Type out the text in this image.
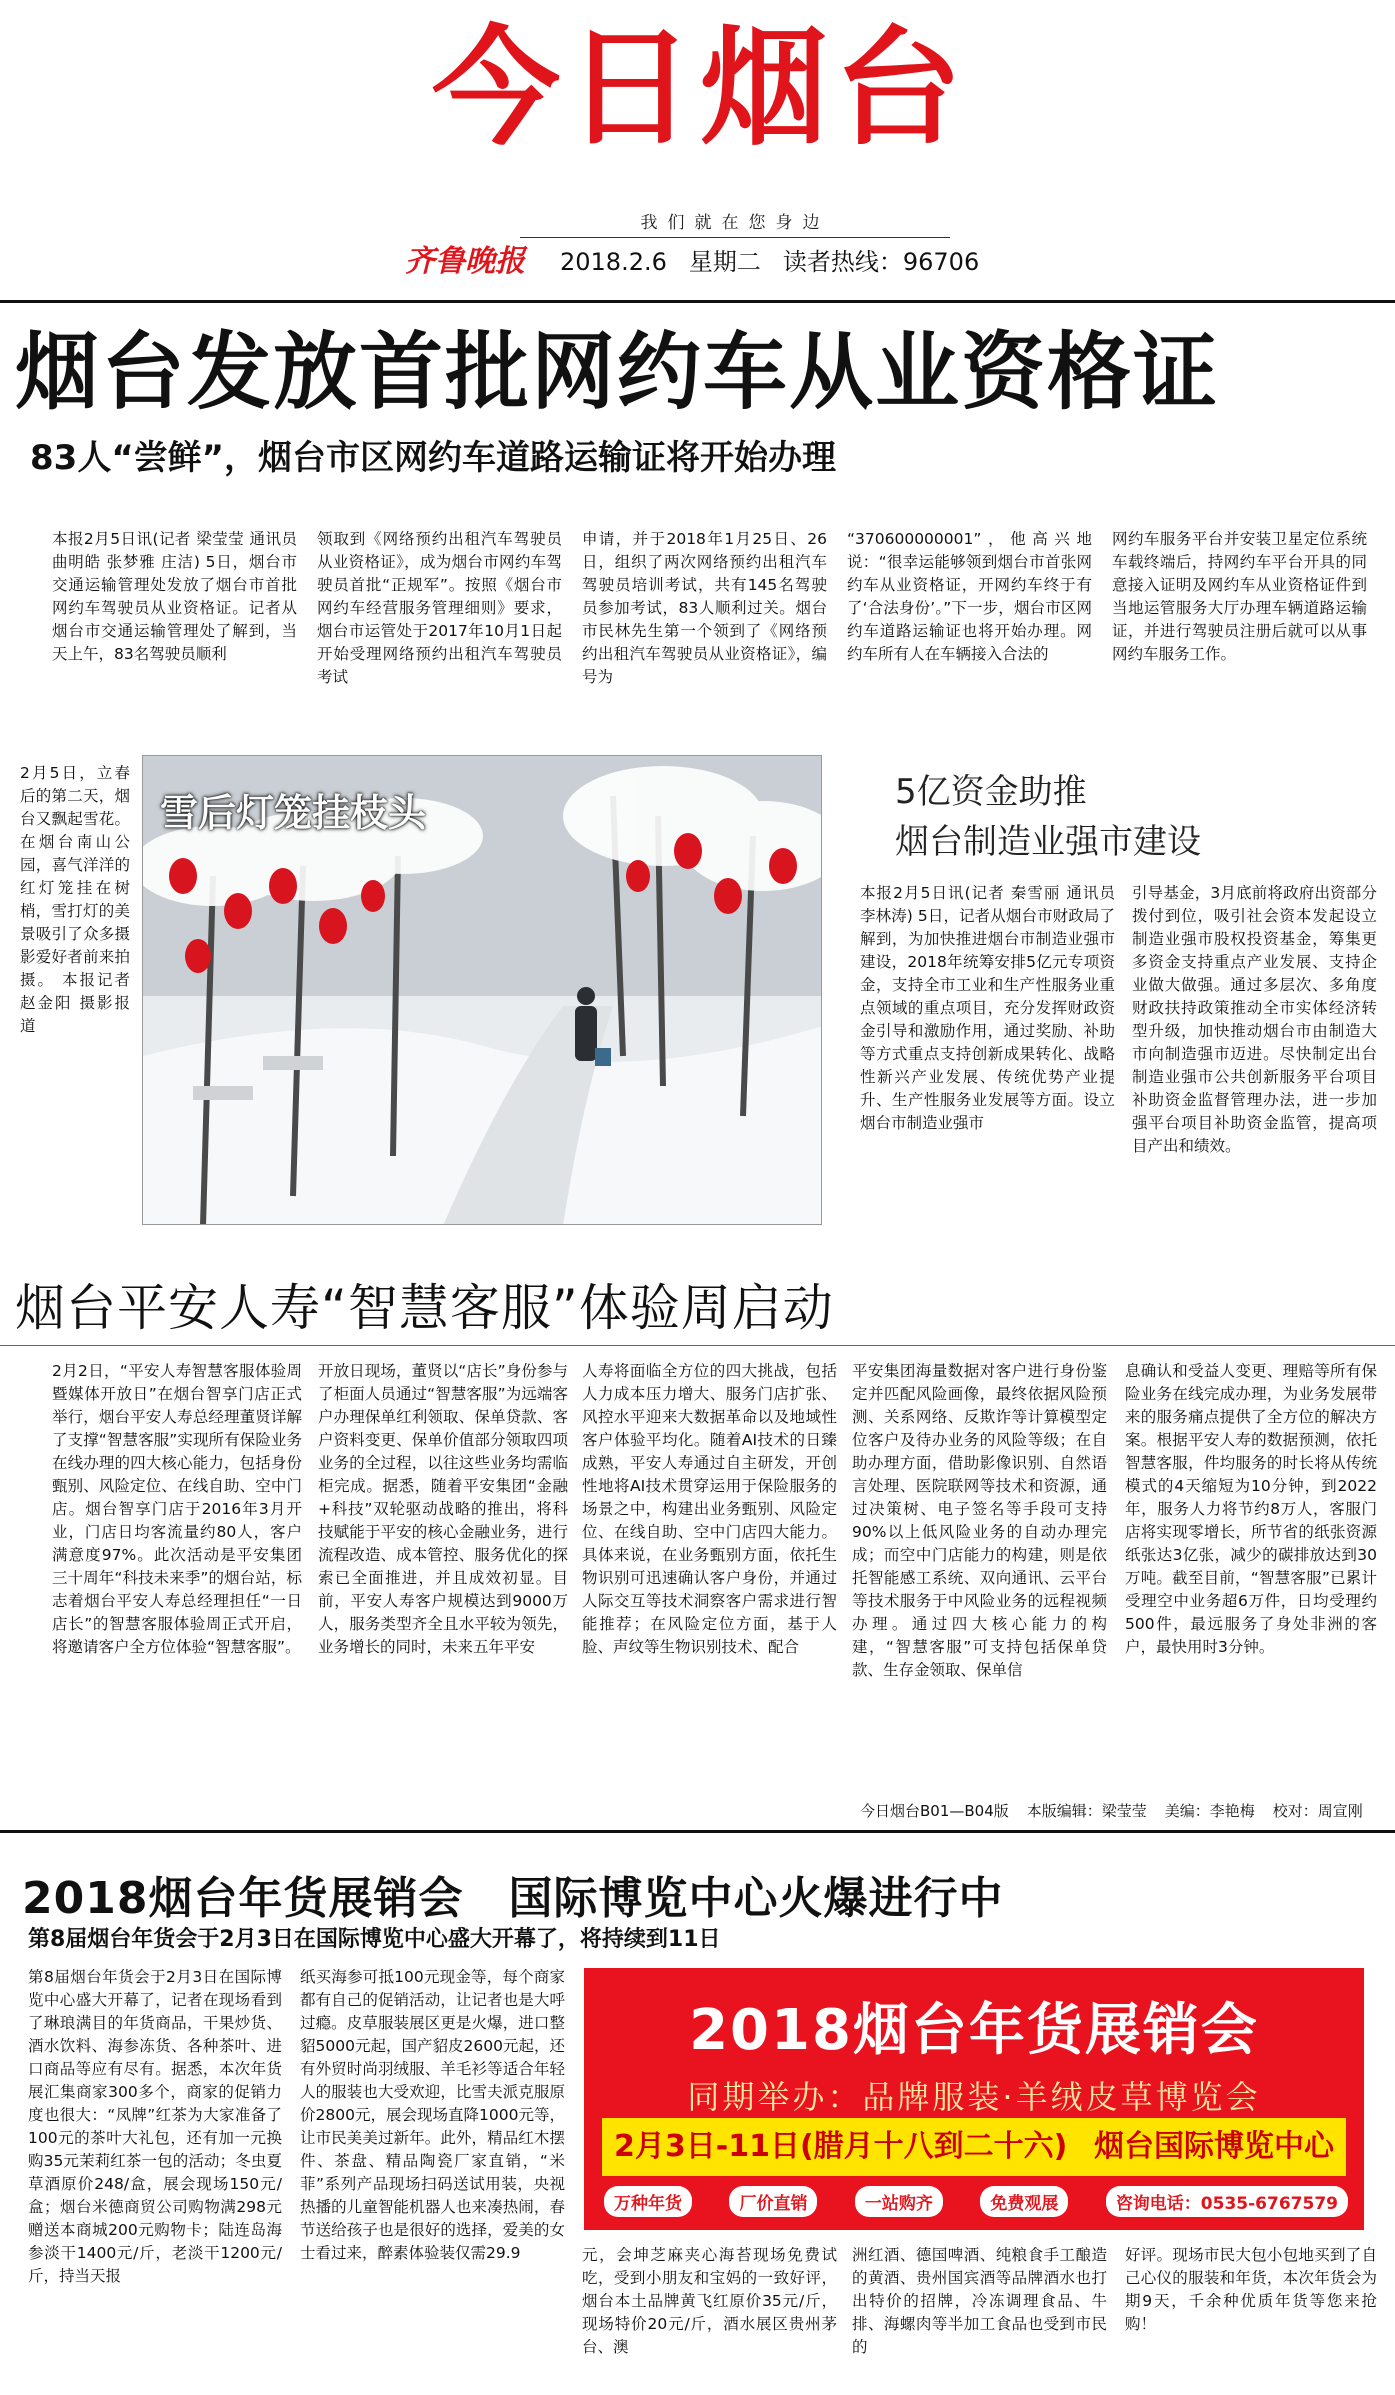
今日烟台
我们就在您身边
齐鲁晚报 2018.2.6 星期二 读者热线：96706
烟台发放首批网约车从业资格证
83人“尝鲜”，烟台市区网约车道路运输证将开始办理
本报2月5日讯(记者 梁莹莹 通讯员 曲明皓 张梦雅 庄洁) 5日，烟台市交通运输管理处发放了烟台市首批网约车驾驶员从业资格证。记者从烟台市交通运输管理处了解到，当天上午，83名驾驶员顺利
领取到《网络预约出租汽车驾驶员从业资格证》，成为烟台市网约车驾驶员首批“正规军”。按照《烟台市网约车经营服务管理细则》要求，烟台市运管处于2017年10月1日起开始受理网络预约出租汽车驾驶员考试
申请，并于2018年1月25日、26日，组织了两次网络预约出租汽车驾驶员培训考试，共有145名驾驶员参加考试，83人顺利过关。烟台市民林先生第一个领到了《网络预约出租汽车驾驶员从业资格证》，编号为
“370600000001”，他高兴地说：“很幸运能够领到烟台市首张网约车从业资格证，开网约车终于有了‘合法身份’。”下一步，烟台市区网约车道路运输证也将开始办理。网约车所有人在车辆接入合法的
网约车服务平台并安装卫星定位系统车载终端后，持网约车平台开具的同意接入证明及网约车从业资格证件到当地运管服务大厅办理车辆道路运输证，并进行驾驶员注册后就可以从事网约车服务工作。
2月5日，立春后的第二天，烟台又飘起雪花。在烟台南山公园，喜气洋洋的红灯笼挂在树梢，雪打灯的美景吸引了众多摄影爱好者前来拍摄。 本报记者 赵金阳 摄影报道
雪后灯笼挂枝头	5亿资金助推
烟台制造业强市建设
本报2月5日讯(记者 秦雪丽 通讯员 李林涛) 5日，记者从烟台市财政局了解到，为加快推进烟台市制造业强市建设，2018年统筹安排5亿元专项资金，支持全市工业和生产性服务业重点领域的重点项目，充分发挥财政资金引导和激励作用，通过奖励、补助等方式重点支持创新成果转化、战略性新兴产业发展、传统优势产业提升、生产性服务业发展等方面。设立烟台市制造业强市
引导基金，3月底前将政府出资部分拨付到位，吸引社会资本发起设立制造业强市股权投资基金，筹集更多资金支持重点产业发展、支持企业做大做强。通过多层次、多角度财政扶持政策推动全市实体经济转型升级，加快推动烟台市由制造大市向制造强市迈进。尽快制定出台制造业强市公共创新服务平台项目补助资金监督管理办法，进一步加强平台项目补助资金监管，提高项目产出和绩效。
烟台平安人寿“智慧客服”体验周启动
2月2日，“平安人寿智慧客服体验周暨媒体开放日”在烟台智享门店正式举行，烟台平安人寿总经理董贤详解了支撑“智慧客服”实现所有保险业务在线办理的四大核心能力，包括身份甄别、风险定位、在线自助、空中门店。烟台智享门店于2016年3月开业，门店日均客流量约80人，客户满意度97%。此次活动是平安集团三十周年“科技未来季”的烟台站，标志着烟台平安人寿总经理担任“一日店长”的智慧客服体验周正式开启，将邀请客户全方位体验“智慧客服”。
开放日现场，董贤以“店长”身份参与了柜面人员通过“智慧客服”为远端客户办理保单红利领取、保单贷款、客户资料变更、保单价值部分领取四项业务的全过程，以往这些业务均需临柜完成。据悉，随着平安集团“金融+科技”双轮驱动战略的推出，将科技赋能于平安的核心金融业务，进行流程改造、成本管控、服务优化的探索已全面推进，并且成效初显。目前，平安人寿客户规模达到9000万人，服务类型齐全且水平较为领先，业务增长的同时，未来五年平安
人寿将面临全方位的四大挑战，包括人力成本压力增大、服务门店扩张、风控水平迎来大数据革命以及地域性客户体验平均化。随着AI技术的日臻成熟，平安人寿通过自主研发，开创性地将AI技术贯穿运用于保险服务的场景之中，构建出业务甄别、风险定位、在线自助、空中门店四大能力。具体来说，在业务甄别方面，依托生物识别可迅速确认客户身份，并通过人际交互等技术洞察客户需求进行智能推荐；在风险定位方面，基于人脸、声纹等生物识别技术、配合
平安集团海量数据对客户进行身份鉴定并匹配风险画像，最终依据风险预测、关系网络、反欺诈等计算模型定位客户及待办业务的风险等级；在自助办理方面，借助影像识别、自然语言处理、医院联网等技术和资源，通过决策树、电子签名等手段可支持90%以上低风险业务的自动办理完成；而空中门店能力的构建，则是依托智能感工系统、双向通讯、云平台等技术服务于中风险业务的远程视频办理。通过四大核心能力的构建，“智慧客服”可支持包括保单贷款、生存金领取、保单信
息确认和受益人变更、理赔等所有保险业务在线完成办理，为业务发展带来的服务痛点提供了全方位的解决方案。根据平安人寿的数据预测，依托智慧客服，件均服务的时长将从传统模式的4天缩短为10分钟，到2022年，服务人力将节约8万人，客服门店将实现零增长，所节省的纸张资源纸张达3亿张，减少的碳排放达到30万吨。截至目前，“智慧客服”已累计受理空中业务超6万件，日均受理约500件，最远服务了身处非洲的客户，最快用时3分钟。
今日烟台B01—B04版 本版编辑：梁莹莹 美编：李艳梅 校对：周宣刚
2018烟台年货展销会　国际博览中心火爆进行中
第8届烟台年货会于2月3日在国际博览中心盛大开幕了，将持续到11日
第8届烟台年货会于2月3日在国际博览中心盛大开幕了，记者在现场看到了琳琅满目的年货商品，干果炒货、酒水饮料、海参冻货、各种茶叶、进口商品等应有尽有。据悉，本次年货展汇集商家300多个，商家的促销力度也很大：“凤牌”红茶为大家准备了100元的茶叶大礼包，还有加一元换购35元茉莉红茶一包的活动；冬虫夏草酒原价248/盒，展会现场150元/盒；烟台米德商贸公司购物满298元赠送本商城200元购物卡；陆连岛海参淡干1400元/斤，老淡干1200元/斤，持当天报
纸买海参可抵100元现金等，每个商家都有自己的促销活动，让记者也是大呼过瘾。皮草服装展区更是火爆，进口整貂5000元起，国产貂皮2600元起，还有外贸时尚羽绒服、羊毛衫等适合年轻人的服装也大受欢迎，比雪夫派克服原价2800元，展会现场直降1000元等，让市民美美过新年。此外，精品红木摆件、茶盘、精品陶瓷厂家直销，“米菲”系列产品现场扫码送试用装，央视热播的儿童智能机器人也来凑热闹，春节送给孩子也是很好的选择，爱美的女士看过来，醉素体验装仅需29.9	元，会坤芝麻夹心海苔现场免费试吃，受到小朋友和宝妈的一致好评，烟台本土品牌黄飞红原价35元/斤，现场特价20元/斤，酒水展区贵州茅台、澳
洲红酒、德国啤酒、纯粮食手工酿造的黄酒、贵州国宾酒等品牌酒水也打出特价的招牌，冷冻调理食品、牛排、海螺肉等半加工食品也受到市民的
好评。现场市民大包小包地买到了自己心仪的服装和年货，本次年货会为期9天，千余种优质年货等您来抢购！
2018烟台年货展销会
同期举办：品牌服装·羊绒皮草博览会
2月3日-11日(腊月十八到二十六) 烟台国际博览中心
万种年货	厂价直销	一站购齐	免费观展	咨询电话：0535-6767579
